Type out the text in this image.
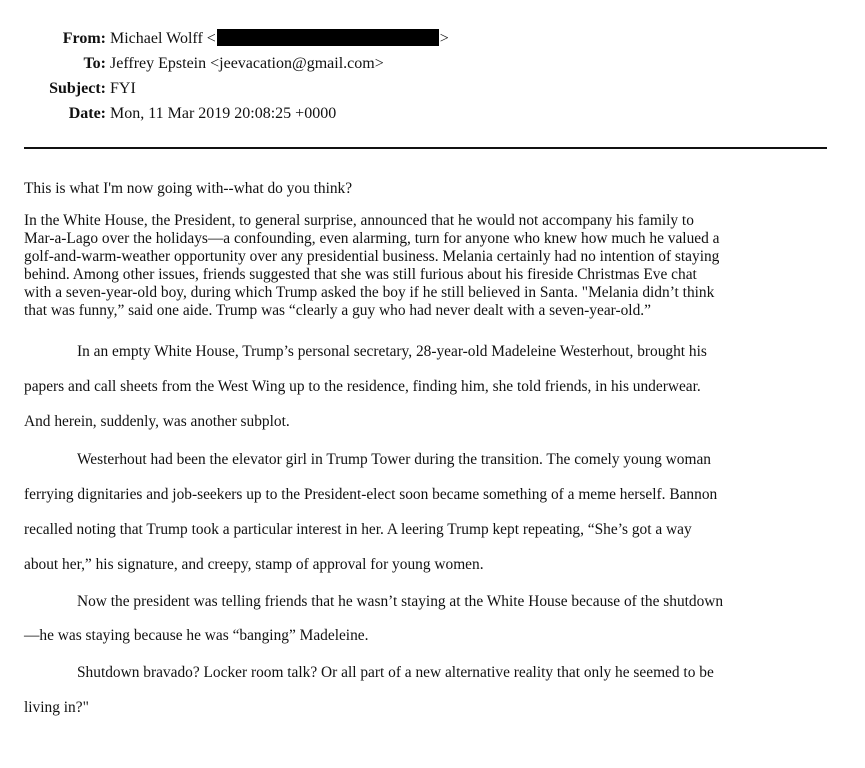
From: Michael Wolff <	>
To: Jeffrey Epstein <jeevacation@gmail.com>
Subject: FYI
Date: Mon, 11 Mar 2019 20:08:25 +0000
This is what I'm now going with--what do you think?
In the White House, the President, to general surprise, announced that he would not accompany his family to
Mar-a-Lago over the holidays—a confounding, even alarming, turn for anyone who knew how much he valued a
golf-and-warm-weather opportunity over any presidential business. Melania certainly had no intention of staying
behind. Among other issues, friends suggested that she was still furious about his fireside Christmas Eve chat
with a seven-year-old boy, during which Trump asked the boy if he still believed in Santa. "Melania didn’t think
that was funny,” said one aide. Trump was “clearly a guy who had never dealt with a seven-year-old.”
In an empty White House, Trump’s personal secretary, 28-year-old Madeleine Westerhout, brought his
papers and call sheets from the West Wing up to the residence, finding him, she told friends, in his underwear.
And herein, suddenly, was another subplot.
Westerhout had been the elevator girl in Trump Tower during the transition. The comely young woman
ferrying dignitaries and job-seekers up to the President-elect soon became something of a meme herself. Bannon
recalled noting that Trump took a particular interest in her. A leering Trump kept repeating, “She’s got a way
about her,” his signature, and creepy, stamp of approval for young women.
Now the president was telling friends that he wasn’t staying at the White House because of the shutdown
—he was staying because he was “banging” Madeleine.
Shutdown bravado? Locker room talk? Or all part of a new alternative reality that only he seemed to be
living in?"
